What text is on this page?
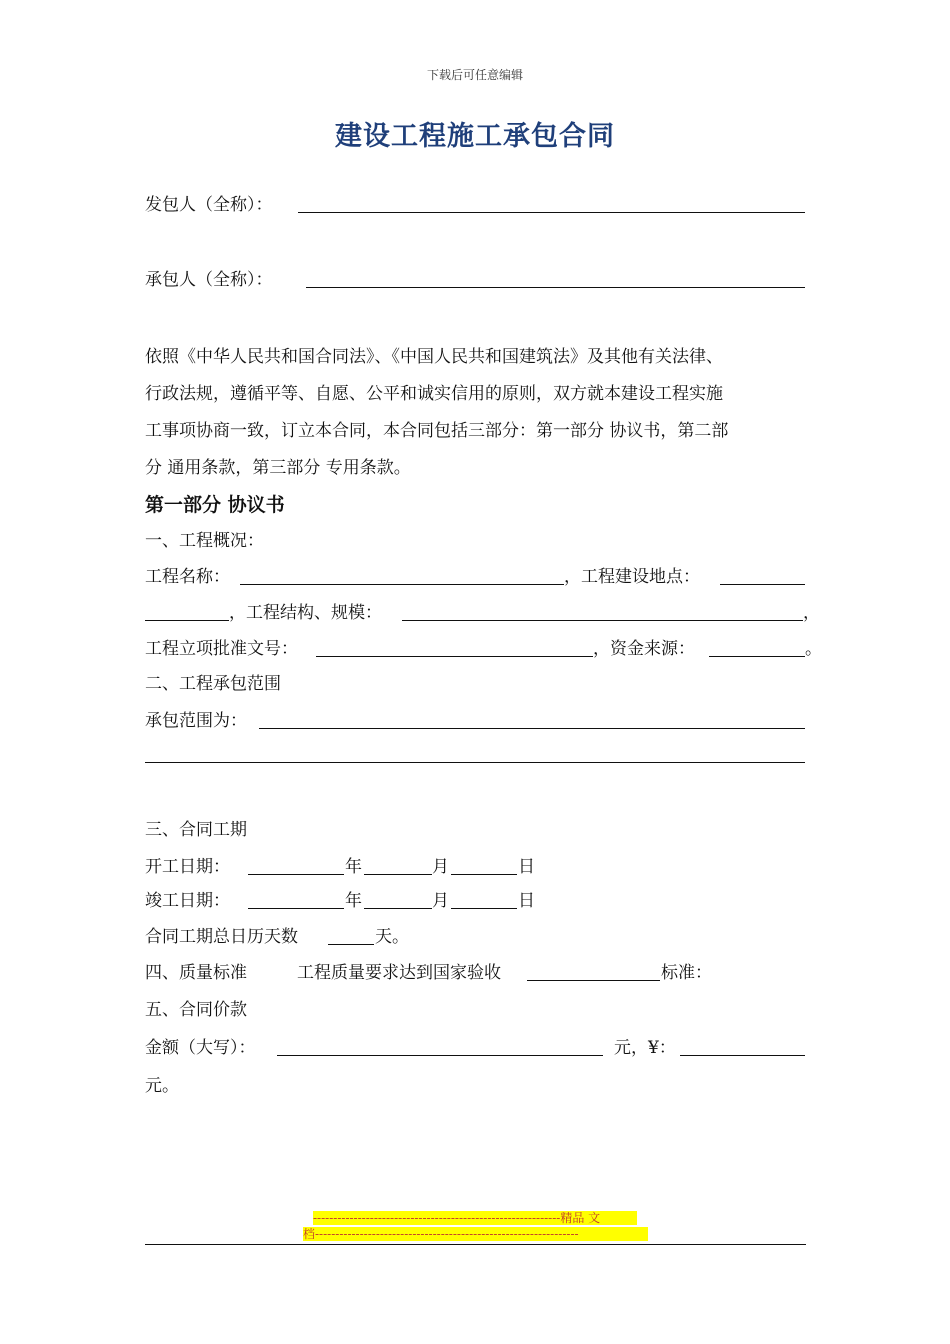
下载后可任意编辑
建设工程施工承包合同
发包人（全称）：
承包人（全称）：
依照《中华人民共和国合同法》、《中国人民共和国建筑法》及其他有关法律、
行政法规，遵循平等、自愿、公平和诚实信用的原则，双方就本建设工程实施
工事项协商一致，订立本合同，本合同包括三部分：第一部分 协议书，第二部
分 通用条款，第三部分 专用条款。
第一部分 协议书
一、工程概况：
工程名称：	，工程建设地点：
，工程结构、规模：	，
工程立项批准文号：	，资金来源：	。
二、工程承包范围
承包范围为：
三、合同工期
开工日期：	年	月	日
竣工日期：	年	月	日
合同工期总日历天数	天。
四、质量标准	工程质量要求达到国家验收	标准：
五、合同价款
金额（大写）：	元，¥：
元。
-------------------------------------------------------------精品 文
档-----------------------------------------------------------------
